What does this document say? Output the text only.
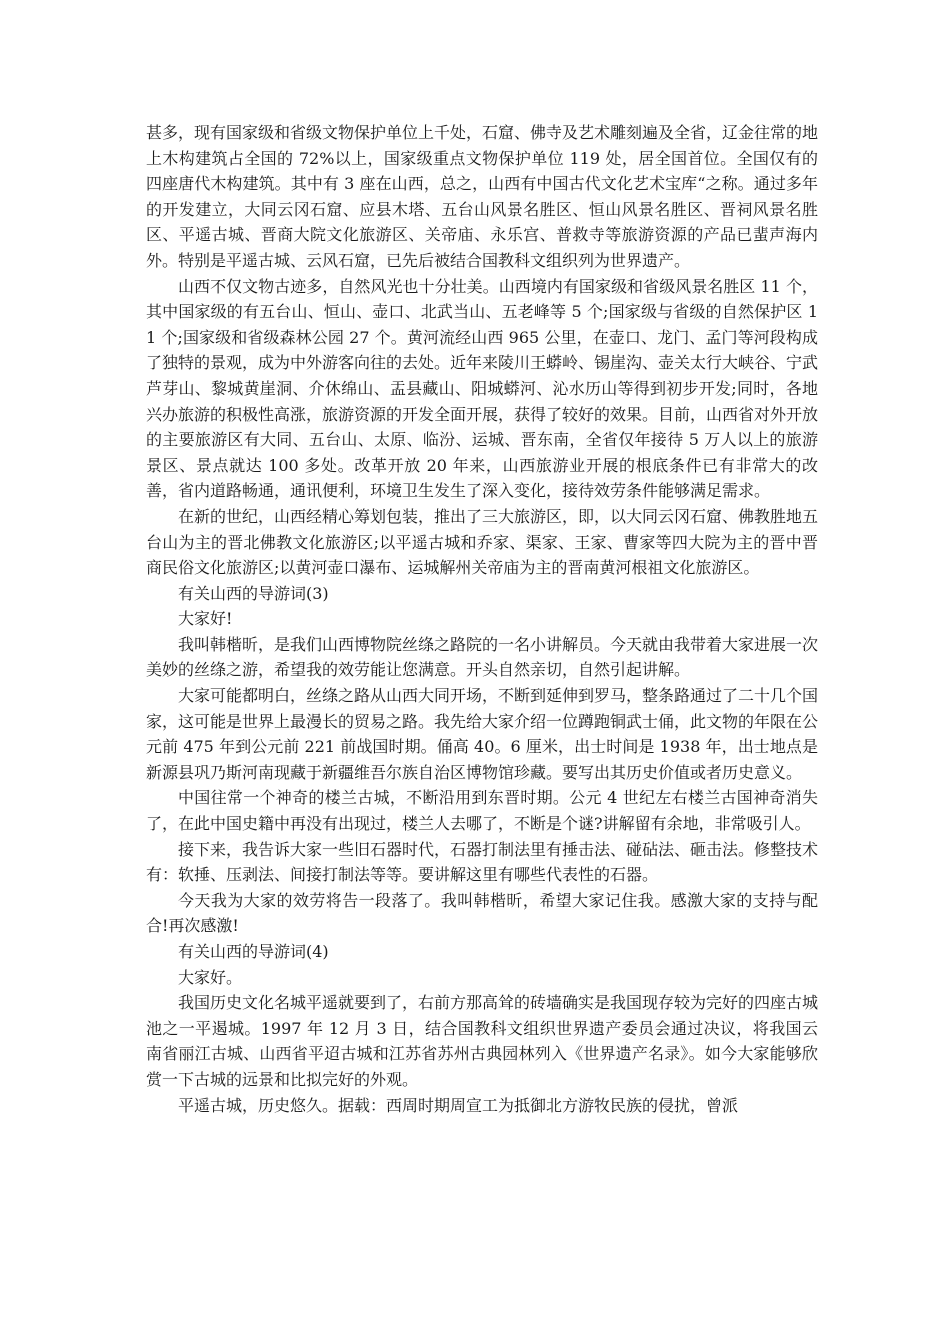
甚多，现有国家级和省级文物保护单位上千处，石窟、佛寺及艺术雕刻遍及全省，辽金往常的地上木构建筑占全国的 72%以上，国家级重点文物保护单位 119 处，居全国首位。全国仅有的四座唐代木构建筑。其中有 3 座在山西，总之，山西有中国古代文化艺术宝库“之称。通过多年的开发建立，大同云冈石窟、应县木塔、五台山风景名胜区、恒山风景名胜区、晋祠风景名胜区、平遥古城、晋商大院文化旅游区、关帝庙、永乐宫、普救寺等旅游资源的产品已蜚声海内外。特别是平遥古城、云风石窟，已先后被结合国教科文组织列为世界遗产。

山西不仅文物古迹多，自然风光也十分壮美。山西境内有国家级和省级风景名胜区 11 个，其中国家级的有五台山、恒山、壶口、北武当山、五老峰等 5 个;国家级与省级的自然保护区 11 个;国家级和省级森林公园 27 个。黄河流经山西 965 公里，在壶口、龙门、孟门等河段构成了独特的景观，成为中外游客向往的去处。近年来陵川王蟒岭、锡崖沟、壶关太行大峡谷、宁武芦芽山、黎城黄崖洞、介休绵山、盂县藏山、阳城蟒河、沁水历山等得到初步开发;同时，各地兴办旅游的积极性高涨，旅游资源的开发全面开展，获得了较好的效果。目前，山西省对外开放的主要旅游区有大同、五台山、太原、临汾、运城、晋东南，全省仅年接待 5 万人以上的旅游景区、景点就达 100 多处。改革开放 20 年来，山西旅游业开展的根底条件已有非常大的改善，省内道路畅通，通讯便利，环境卫生发生了深入变化，接待效劳条件能够满足需求。

在新的世纪，山西经精心筹划包装，推出了三大旅游区，即，以大同云冈石窟、佛教胜地五台山为主的晋北佛教文化旅游区;以平遥古城和乔家、渠家、王家、曹家等四大院为主的晋中晋商民俗文化旅游区;以黄河壶口瀑布、运城解州关帝庙为主的晋南黄河根祖文化旅游区。

有关山西的导游词(3)

大家好!

我叫韩楷昕，是我们山西博物院丝绦之路院的一名小讲解员。今天就由我带着大家进展一次美妙的丝绦之游，希望我的效劳能让您满意。开头自然亲切，自然引起讲解。

大家可能都明白，丝绦之路从山西大同开场，不断到延伸到罗马，整条路通过了二十几个国家，这可能是世界上最漫长的贸易之路。我先给大家介绍一位蹲跑铜武士俑，此文物的年限在公元前 475 年到公元前 221 前战国时期。俑高 40。6 厘米，出士时间是 1938 年，出士地点是新源县巩乃斯河南现藏于新疆维吾尔族自治区博物馆珍藏。要写出其历史价值或者历史意义。

中国往常一个神奇的楼兰古城，不断沿用到东晋时期。公元 4 世纪左右楼兰古国神奇消失了，在此中国史籍中再没有出现过，楼兰人去哪了，不断是个谜?讲解留有余地，非常吸引人。

接下来，我告诉大家一些旧石器时代，石器打制法里有捶击法、碰砧法、砸击法。修整技术有：软捶、压剥法、间接打制法等等。要讲解这里有哪些代表性的石器。

今天我为大家的效劳将告一段落了。我叫韩楷昕，希望大家记住我。感激大家的支持与配合!再次感激!

有关山西的导游词(4)

大家好。

我国历史文化名城平遥就要到了，右前方那高耸的砖墙确实是我国现存较为完好的四座古城池之一平遏城。1997 年 12 月 3 日，结合国教科文组织世界遗产委员会通过决议，将我国云南省丽江古城、山西省平迢古城和江苏省苏州古典园林列入《世界遗产名录》。如今大家能够欣赏一下古城的远景和比拟完好的外观。

平遥古城，历史悠久。据载：西周时期周宣工为抵御北方游牧民族的侵扰，曾派
